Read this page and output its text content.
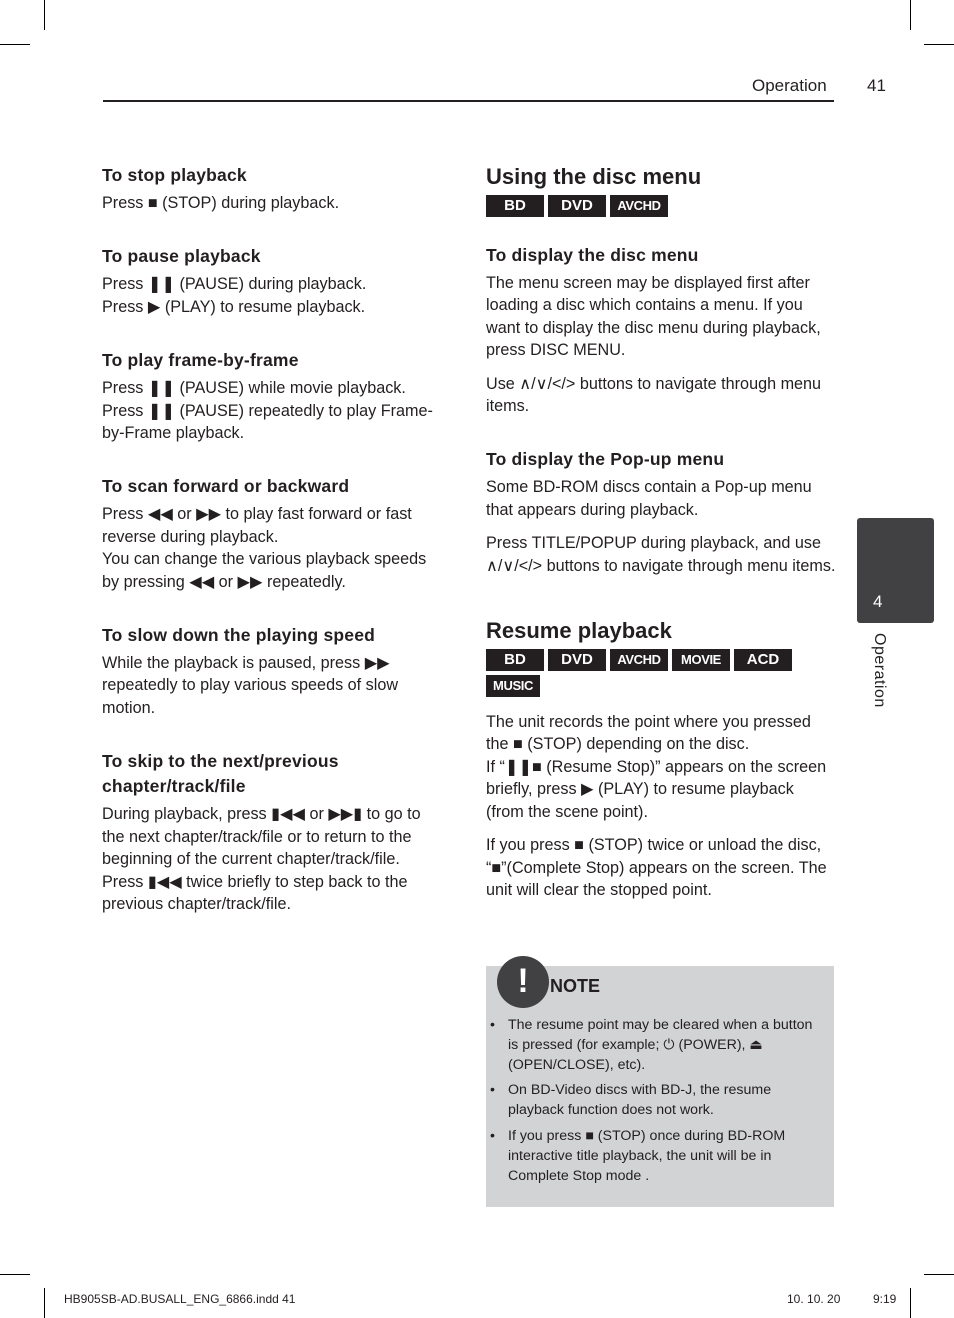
Operation 41
To stop playback

Press ■ (STOP) during playback.

To pause playback

Press ❚❚ (PAUSE) during playback.

Press ▶ (PLAY) to resume playback.

To play frame-by-frame

Press ❚❚ (PAUSE) while movie playback.

Press ❚❚ (PAUSE) repeatedly to play Frame-by-Frame playback.

To scan forward or backward

Press ◀◀ or ▶▶ to play fast forward or fast reverse during playback.

You can change the various playback speeds by pressing ◀◀ or ▶▶ repeatedly.

To slow down the playing speed

While the playback is paused, press ▶▶ repeatedly to play various speeds of slow motion.

To skip to the next/previous chapter/track/file

During playback, press ▮◀◀ or ▶▶▮ to go to the next chapter/track/file or to return to the beginning of the current chapter/track/file.

Press ▮◀◀ twice briefly to step back to the previous chapter/track/file.

Using the disc menu
BD	DVD	AVCHD
To display the disc menu

The menu screen may be displayed first after loading a disc which contains a menu. If you want to display the disc menu during playback, press DISC MENU.

Use ∧/∨/</> buttons to navigate through menu items.

To display the Pop-up menu

Some BD-ROM discs contain a Pop-up menu that appears during playback.

Press TITLE/POPUP during playback, and use ∧/∨/</> buttons to navigate through menu items.

Resume playback
BD	DVD	AVCHD	MOVIE	ACD
MUSIC

The unit records the point where you pressed the ■ (STOP) depending on the disc.

If “❚❚■ (Resume Stop)” appears on the screen briefly, press ▶ (PLAY) to resume playback (from the scene point).

If you press ■ (STOP) twice or unload the disc, “■”(Complete Stop) appears on the screen. The unit will clear the stopped point.

!	NOTE
• The resume point may be cleared when a button is pressed (for example; ⏻ (POWER), ⏏ (OPEN/CLOSE), etc).
• On BD-Video discs with BD-J, the resume playback function does not work.
• If you press ■ (STOP) once during BD-ROM interactive title playback, the unit will be in Complete Stop mode .
4
Operation
HB905SB-AD.BUSALL_ENG_6866.indd 41	10. 10. 20	9:19
